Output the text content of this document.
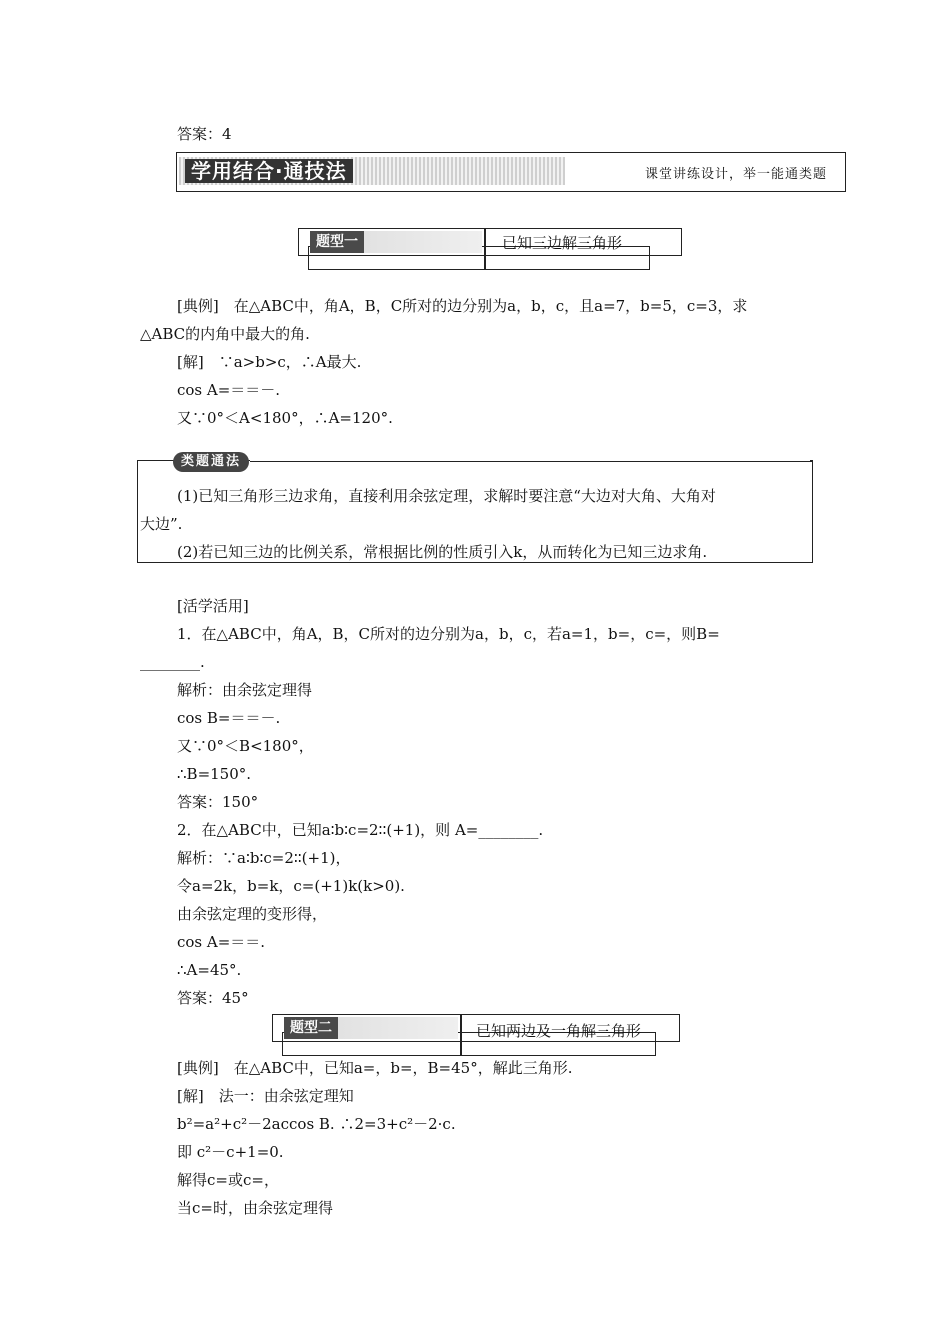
答案：4
学用结合·通技法	课堂讲练设计，举一能通类题
题型一	已知三边解三角形
[典例]　在△ABC中，角A，B，C所对的边分别为a，b，c，且a=7，b=5，c=3，求
△ABC的内角中最大的角.
[解]　∵a>b>c，∴A最大.
cos A=＝＝－.
又∵0°＜A<180°，∴A=120°.
类题通法
(1)已知三角形三边求角，直接利用余弦定理，求解时要注意“大边对大角、大角对
大边”.
(2)若已知三边的比例关系，常根据比例的性质引入k，从而转化为已知三边求角.
[活学活用]
1．在△ABC中，角A，B，C所对的边分别为a，b，c，若a=1，b=，c=，则B=
________.
解析：由余弦定理得
cos B=＝＝－.
又∵0°＜B<180°，
∴B=150°.
答案：150°
2．在△ABC中，已知a∶b∶c=2∶∶(+1)，则 A=________.
解析：∵a∶b∶c=2∶∶(+1)，
令a=2k，b=k，c=(+1)k(k>0).
由余弦定理的变形得，
cos A=＝＝.
∴A=45°.
答案：45°
题型二	已知两边及一角解三角形
[典例]　在△ABC中，已知a=，b=，B=45°，解此三角形.
[解]　法一：由余弦定理知
b²=a²+c²－2accos B. ∴2=3+c²－2·c.
即 c²－c+1=0.
解得c=或c=，
当c=时，由余弦定理得
